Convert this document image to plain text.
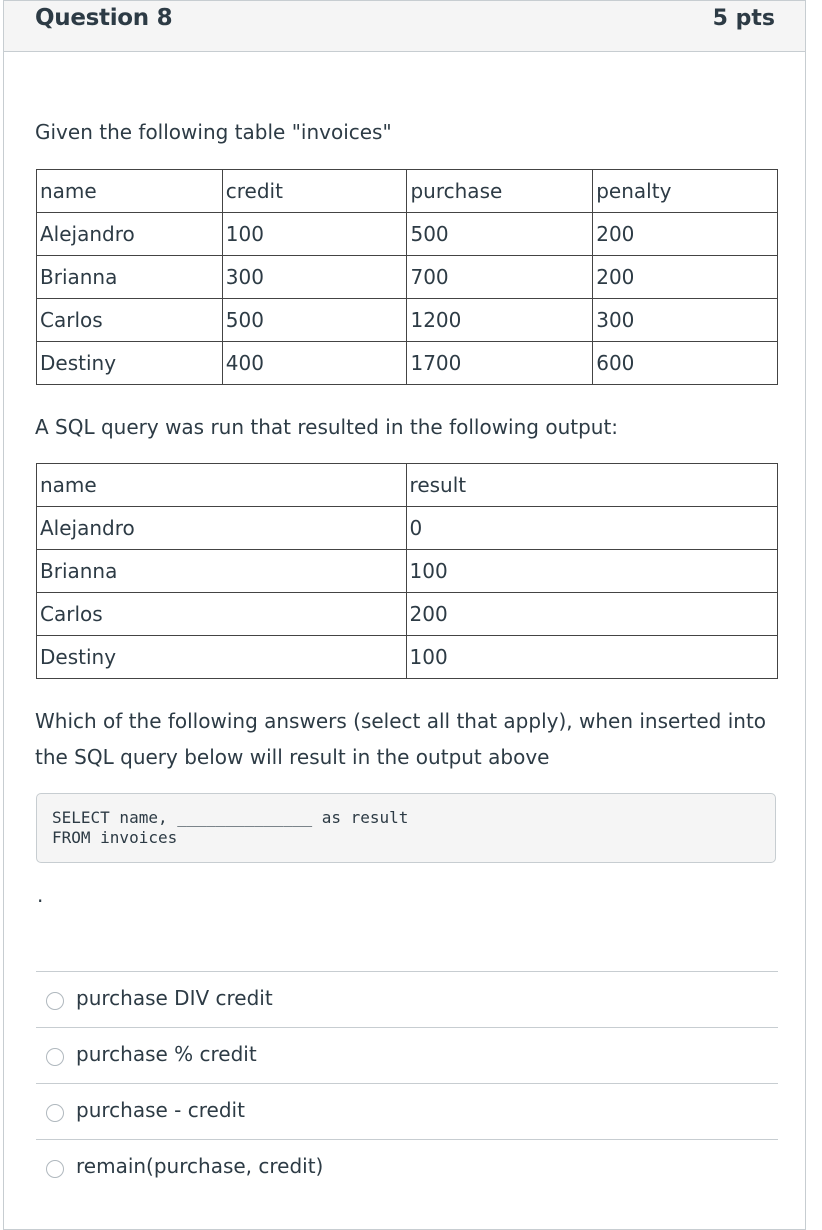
Question 8	5 pts
Given the following table "invoices"
name	credit	purchase	penalty
Alejandro	100	500	200
Brianna	300	700	200
Carlos	500	1200	300
Destiny	400	1700	600
A SQL query was run that resulted in the following output:
name	result
Alejandro	0
Brianna	100
Carlos	200
Destiny	100
Which of the following answers (select all that apply), when inserted into the SQL query below will result in the output above
SELECT name, ______________ as result
FROM invoices
.
purchase DIV credit
purchase % credit
purchase - credit
remain(purchase, credit)
